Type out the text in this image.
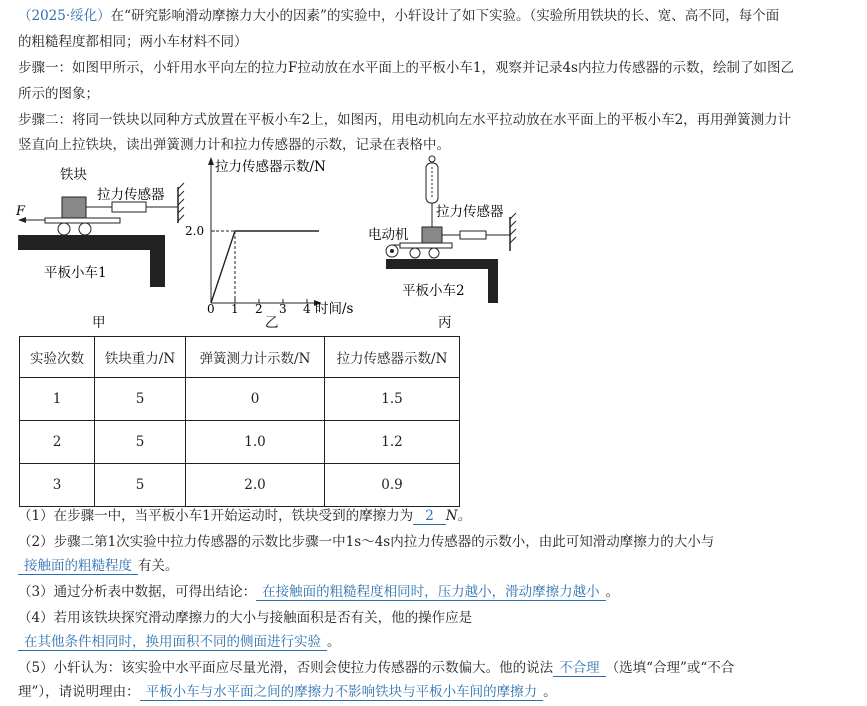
（2025·绥化）在“研究影响滑动摩擦力大小的因素”的实验中，小轩设计了如下实验。（实验所用铁块的长、宽、高不同，每个面
的粗糙程度都相同；两小车材料不同）
步骤一：如图甲所示，小轩用水平向左的拉力F拉动放在水平面上的平板小车1，观察并记录4s内拉力传感器的示数，绘制了如图乙
所示的图象；
步骤二：将同一铁块以同种方式放置在平板小车2上，如图丙，用电动机向左水平拉动放在水平面上的平板小车2，再用弹簧测力计
竖直向上拉铁块，读出弹簧测力计和拉力传感器的示数，记录在表格中。
F
铁块
拉力传感器
平板小车1
甲
拉力传感器示数/N
时间/s
0
乙
1 2 3 4
2.0
拉力传感器
电动机
平板小车2
丙
实验次数	铁块重力/N	弹簧测力计示数/N	拉力传感器示数/N
1	5	0	1.5
2	5	1.0	1.2
3	5	2.0	0.9
（1）在步骤一中，当平板小车1开始运动时，铁块受到的摩擦力为 2 N。
（2）步骤二第1次实验中拉力传感器的示数比步骤一中1s～4s内拉力传感器的示数小，由此可知滑动摩擦力的大小与
接触面的粗糙程度 有关。
（3）通过分析表中数据，可得出结论： 在接触面的粗糙程度相同时，压力越小，滑动摩擦力越小 。
（4）若用该铁块探究滑动摩擦力的大小与接触面积是否有关，他的操作应是
在其他条件相同时，换用面积不同的侧面进行实验 。
（5）小轩认为：该实验中水平面应尽量光滑，否则会使拉力传感器的示数偏大。他的说法 不合理 （选填“合理”或“不合
理”），请说明理由： 平板小车与水平面之间的摩擦力不影响铁块与平板小车间的摩擦力 。
